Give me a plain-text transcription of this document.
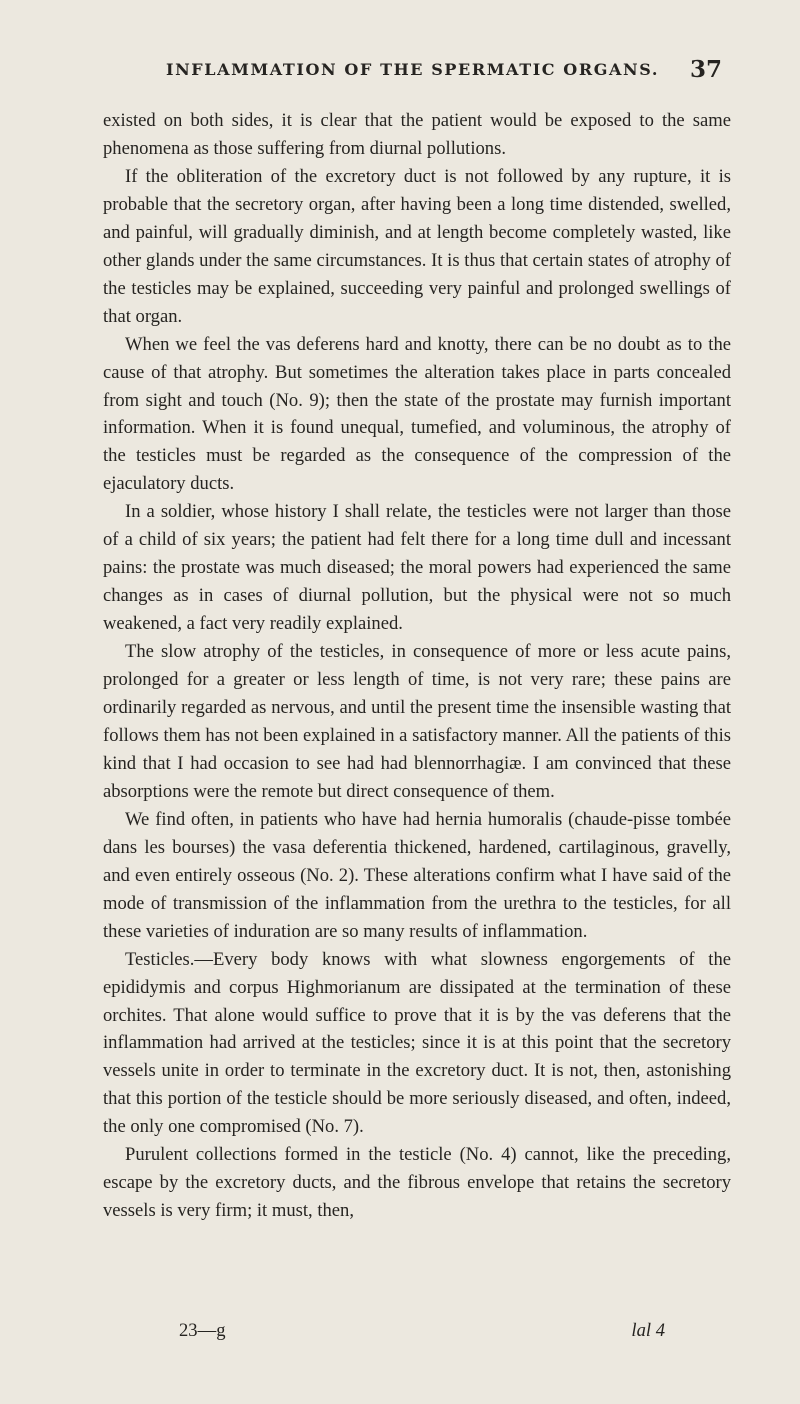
INFLAMMATION OF THE SPERMATIC ORGANS.	37

existed on both sides, it is clear that the patient would be exposed to the same phenomena as those suffering from diurnal pollutions.

If the obliteration of the excretory duct is not followed by any rupture, it is probable that the secretory organ, after having been a long time distended, swelled, and painful, will gradually diminish, and at length become completely wasted, like other glands under the same circumstances. It is thus that certain states of atrophy of the testicles may be explained, succeeding very painful and prolonged swellings of that organ.

When we feel the vas deferens hard and knotty, there can be no doubt as to the cause of that atrophy. But sometimes the alteration takes place in parts concealed from sight and touch (No. 9); then the state of the prostate may furnish important information. When it is found unequal, tumefied, and voluminous, the atrophy of the testicles must be regarded as the consequence of the compression of the ejaculatory ducts.

In a soldier, whose history I shall relate, the testicles were not larger than those of a child of six years; the patient had felt there for a long time dull and incessant pains: the prostate was much diseased; the moral powers had experienced the same changes as in cases of diurnal pollution, but the physical were not so much weakened, a fact very readily explained.

The slow atrophy of the testicles, in consequence of more or less acute pains, prolonged for a greater or less length of time, is not very rare; these pains are ordinarily regarded as nervous, and until the present time the insensible wasting that follows them has not been explained in a satisfactory manner. All the patients of this kind that I had occasion to see had had blennorrhagiæ. I am convinced that these absorptions were the remote but direct consequence of them.

We find often, in patients who have had hernia humoralis (chaude-pisse tombée dans les bourses) the vasa deferentia thickened, hardened, cartilaginous, gravelly, and even entirely osseous (No. 2). These alterations confirm what I have said of the mode of transmission of the inflammation from the urethra to the testicles, for all these varieties of induration are so many results of inflammation.

Testicles.—Every body knows with what slowness engorgements of the epididymis and corpus Highmorianum are dissipated at the termination of these orchites. That alone would suffice to prove that it is by the vas deferens that the inflammation had arrived at the testicles; since it is at this point that the secretory vessels unite in order to terminate in the excretory duct. It is not, then, astonishing that this portion of the testicle should be more seriously diseased, and often, indeed, the only one compromised (No. 7).

Purulent collections formed in the testicle (No. 4) cannot, like the preceding, escape by the excretory ducts, and the fibrous envelope that retains the secretory vessels is very firm; it must, then,

23—g	lal 4
